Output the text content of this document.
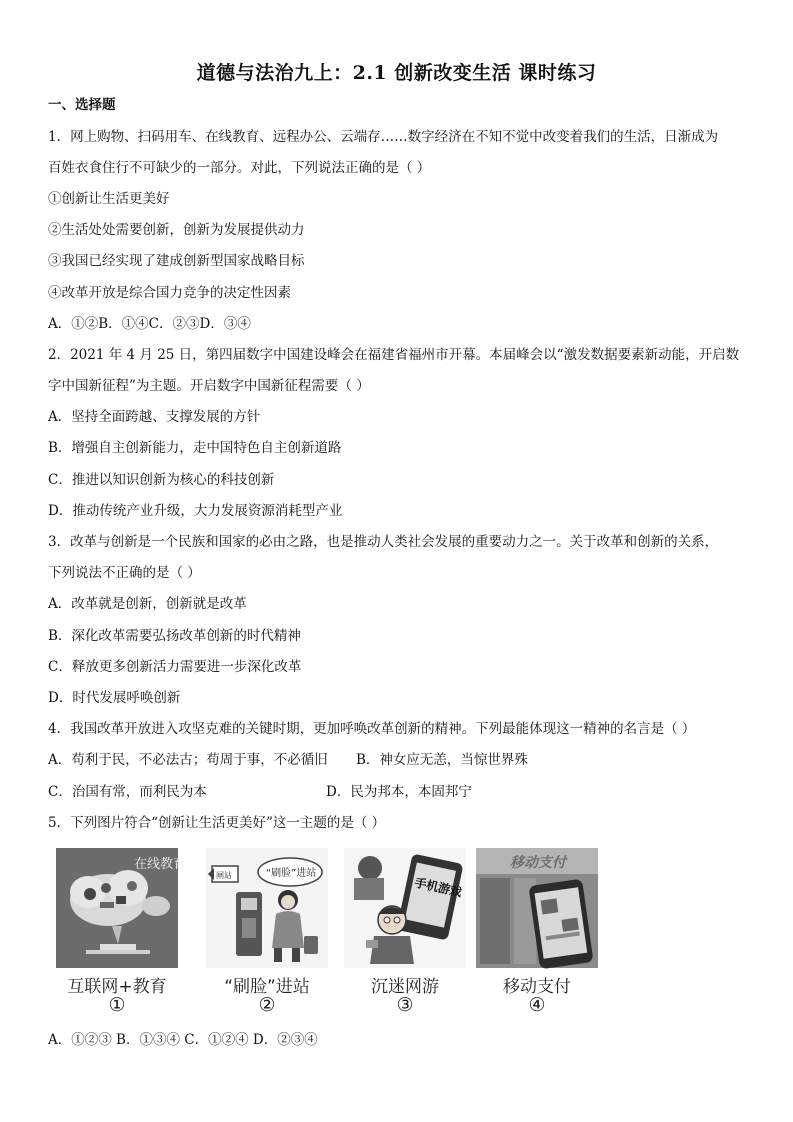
道德与法治九上：2.1 创新改变生活 课时练习
一、选择题
1．网上购物、扫码用车、在线教育、远程办公、云端存……数字经济在不知不觉中改变着我们的生活，日渐成为
百姓衣食住行不可缺少的一部分。对此，下列说法正确的是（ ）
①创新让生活更美好
②生活处处需要创新，创新为发展提供动力
③我国已经实现了建成创新型国家战略目标
④改革开放是综合国力竞争的决定性因素
A．①②B．①④C．②③D．③④
2．2021 年 4 月 25 日，第四届数字中国建设峰会在福建省福州市开幕。本届峰会以“激发数据要素新动能，开启数
字中国新征程”为主题。开启数字中国新征程需要（ ）
A．坚持全面跨越、支撑发展的方针
B．增强自主创新能力，走中国特色自主创新道路
C．推进以知识创新为核心的科技创新
D．推动传统产业升级，大力发展资源消耗型产业
3．改革与创新是一个民族和国家的必由之路，也是推动人类社会发展的重要动力之一。关于改革和创新的关系，
下列说法不正确的是（ ）
A．改革就是创新，创新就是改革
B．深化改革需要弘扬改革创新的时代精神
C．释放更多创新活力需要进一步深化改革
D．时代发展呼唤创新
4．我国改革开放进入攻坚克难的关键时期，更加呼唤改革创新的精神。下列最能体现这一精神的名言是（ ）
A．苟利于民，不必法古；苟周于事，不必循旧 B．神女应无恙，当惊世界殊
C．治国有常，而利民为本	D．民为邦本，本固邦宁
5．下列图片符合“创新让生活更美好”这一主题的是（ ）
在线教育
互联网+教育
①
闸站	“刷脸”进站
“刷脸”进站
②
手机游戏
沉迷网游
③
移动支付
移动支付
④
A．①②③ B．①③④ C．①②④ D．②③④
